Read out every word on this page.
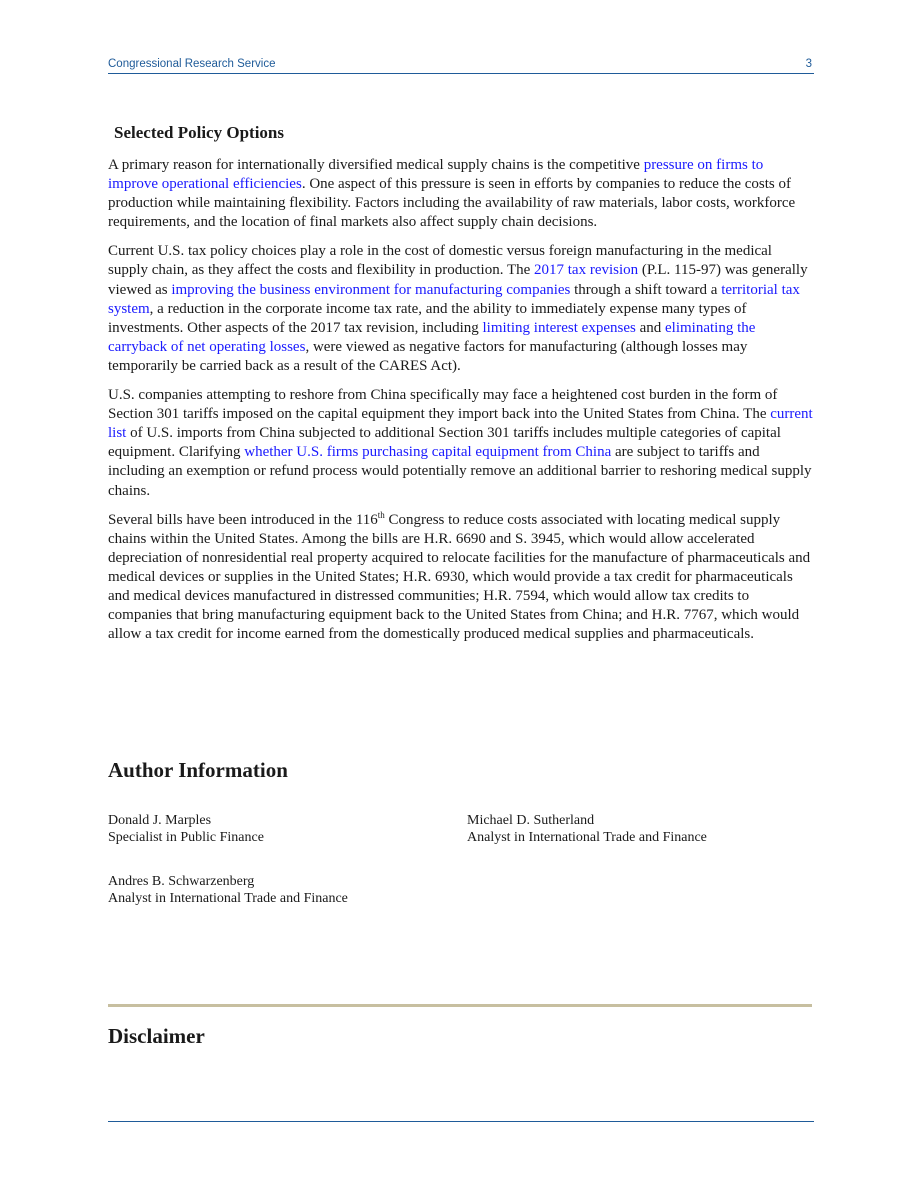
Congressional Research Service	3
Selected Policy Options

A primary reason for internationally diversified medical supply chains is the competitive pressure on firms to improve operational efficiencies. One aspect of this pressure is seen in efforts by companies to reduce the costs of production while maintaining flexibility. Factors including the availability of raw materials, labor costs, workforce requirements, and the location of final markets also affect supply chain decisions.

Current U.S. tax policy choices play a role in the cost of domestic versus foreign manufacturing in the medical supply chain, as they affect the costs and flexibility in production. The 2017 tax revision (P.L. 115-97) was generally viewed as improving the business environment for manufacturing companies through a shift toward a territorial tax system, a reduction in the corporate income tax rate, and the ability to immediately expense many types of investments. Other aspects of the 2017 tax revision, including limiting interest expenses and eliminating the carryback of net operating losses, were viewed as negative factors for manufacturing (although losses may temporarily be carried back as a result of the CARES Act).

U.S. companies attempting to reshore from China specifically may face a heightened cost burden in the form of Section 301 tariffs imposed on the capital equipment they import back into the United States from China. The current list of U.S. imports from China subjected to additional Section 301 tariffs includes multiple categories of capital equipment. Clarifying whether U.S. firms purchasing capital equipment from China are subject to tariffs and including an exemption or refund process would potentially remove an additional barrier to reshoring medical supply chains.

Several bills have been introduced in the 116th Congress to reduce costs associated with locating medical supply chains within the United States. Among the bills are H.R. 6690 and S. 3945, which would allow accelerated depreciation of nonresidential real property acquired to relocate facilities for the manufacture of pharmaceuticals and medical devices or supplies in the United States; H.R. 6930, which would provide a tax credit for pharmaceuticals and medical devices manufactured in distressed communities; H.R. 7594, which would allow tax credits to companies that bring manufacturing equipment back to the United States from China; and H.R. 7767, which would allow a tax credit for income earned from the domestically produced medical supplies and pharmaceuticals.

Author Information
Donald J. Marples
Specialist in Public Finance
Michael D. Sutherland
Analyst in International Trade and Finance
Andres B. Schwarzenberg
Analyst in International Trade and Finance
Disclaimer
